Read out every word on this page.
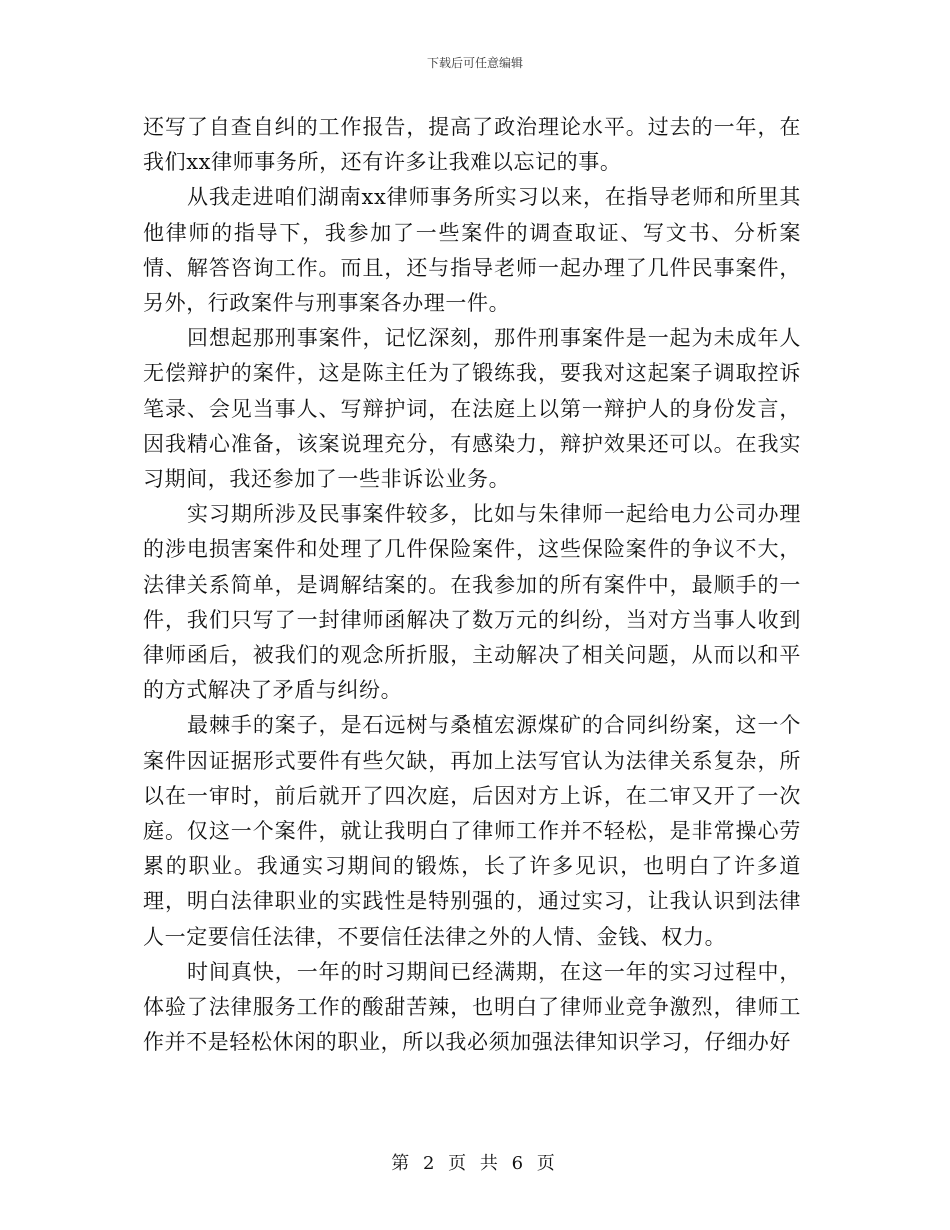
下载后可任意编辑

还写了自查自纠的工作报告，提高了政治理论水平。过去的一年，在我们xx律师事务所，还有许多让我难以忘记的事。

从我走进咱们湖南xx律师事务所实习以来，在指导老师和所里其他律师的指导下，我参加了一些案件的调查取证、写文书、分析案情、解答咨询工作。而且，还与指导老师一起办理了几件民事案件，另外，行政案件与刑事案各办理一件。

回想起那刑事案件，记忆深刻，那件刑事案件是一起为未成年人无偿辩护的案件，这是陈主任为了锻练我，要我对这起案子调取控诉笔录、会见当事人、写辩护词，在法庭上以第一辩护人的身份发言，因我精心准备，该案说理充分，有感染力，辩护效果还可以。在我实习期间，我还参加了一些非诉讼业务。

实习期所涉及民事案件较多，比如与朱律师一起给电力公司办理的涉电损害案件和处理了几件保险案件，这些保险案件的争议不大，法律关系简单，是调解结案的。在我参加的所有案件中，最顺手的一件，我们只写了一封律师函解决了数万元的纠纷，当对方当事人收到律师函后，被我们的观念所折服，主动解决了相关问题，从而以和平的方式解决了矛盾与纠纷。

最棘手的案子，是石远树与桑植宏源煤矿的合同纠纷案，这一个案件因证据形式要件有些欠缺，再加上法写官认为法律关系复杂，所以在一审时，前后就开了四次庭，后因对方上诉，在二审又开了一次庭。仅这一个案件，就让我明白了律师工作并不轻松，是非常操心劳累的职业。我通实习期间的锻炼，长了许多见识，也明白了许多道理，明白法律职业的实践性是特别强的，通过实习，让我认识到法律人一定要信任法律，不要信任法律之外的人情、金钱、权力。

时间真快，一年的时习期间已经满期，在这一年的实习过程中，体验了法律服务工作的酸甜苦辣，也明白了律师业竞争激烈，律师工作并不是轻松休闲的职业，所以我必须加强法律知识学习，仔细办好

第 2 页 共 6 页
